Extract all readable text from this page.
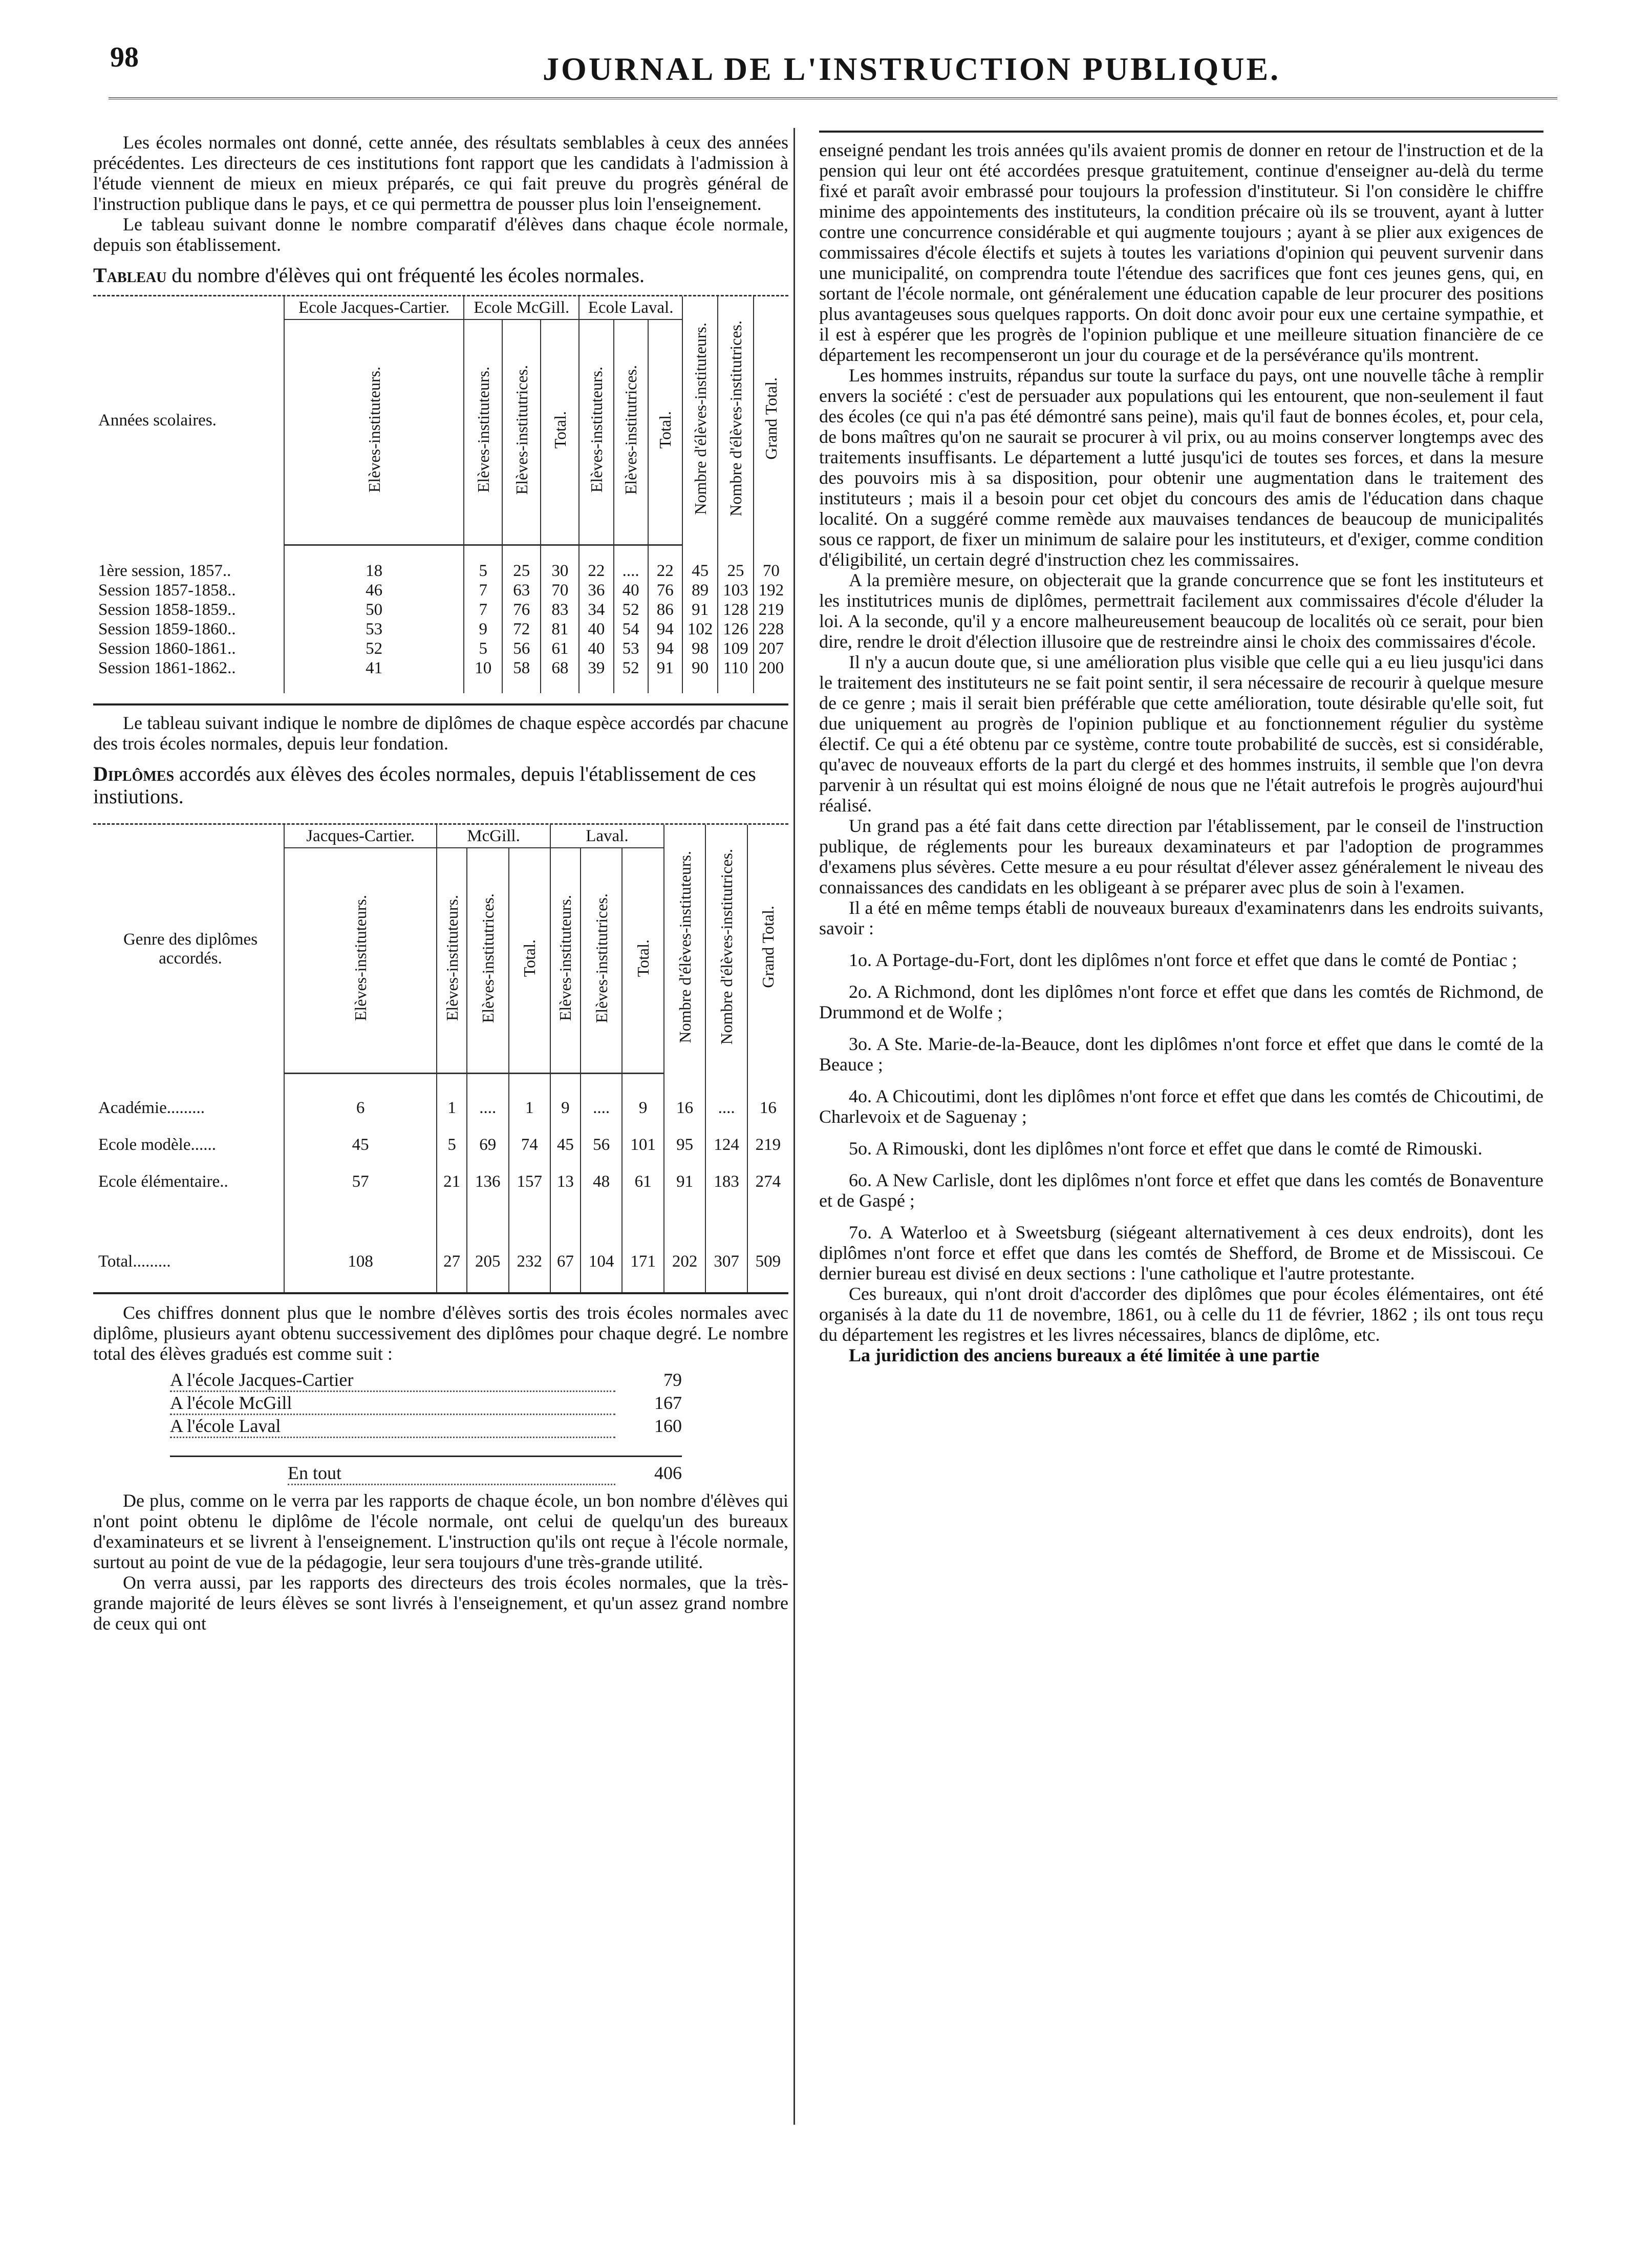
98	JOURNAL DE L'INSTRUCTION PUBLIQUE.

Les écoles normales ont donné, cette année, des résultats semblables à ceux des années précédentes. Les directeurs de ces institutions font rapport que les candidats à l'admission à l'étude viennent de mieux en mieux préparés, ce qui fait preuve du progrès général de l'instruction publique dans le pays, et ce qui permettra de pousser plus loin l'enseignement.

Le tableau suivant donne le nombre comparatif d'élèves dans chaque école normale, depuis son établissement.

Tableau du nombre d'élèves qui ont fréquenté les écoles normales.

Années scolaires.	Ecole Jacques-Cartier.	Ecole McGill.			Ecole Laval.			Nombre d'élèves-instituteurs.	Nombre d'élèves-institutrices.	Grand Total.
	Elèves-instituteurs.	Elèves-instituteurs.	Elèves-institutrices.	Total.	Elèves-instituteurs.	Elèves-institutrices.	Total.			

1ère session, 1857..	18	5	25	30	22	....	22	45	25	70
Session 1857-1858..	46	7	63	70	36	40	76	89	103	192
Session 1858-1859..	50	7	76	83	34	52	86	91	128	219
Session 1859-1860..	53	9	72	81	40	54	94	102	126	228
Session 1860-1861..	52	5	56	61	40	53	94	98	109	207
Session 1861-1862..	41	10	58	68	39	52	91	90	110	200

Le tableau suivant indique le nombre de diplômes de chaque espèce accordés par chacune des trois écoles normales, depuis leur fondation.

Diplômes accordés aux élèves des écoles normales, depuis l'établissement de ces instiutions.

Genre des diplômes accordés.	Jacques-Cartier.	McGill.			Laval.			Nombre d'élèves-instituteurs.	Nombre d'élèves-institutrices.	Grand Total.
	Elèves-instituteurs.	Elèves-instituteurs.	Elèves-institutrices.	Total.	Elèves-instituteurs.	Elèves-institutrices.	Total.			

Académie.........	6	1	....	1	9	....	9	16	....	16
Ecole modèle......	45	5	69	74	45	56	101	95	124	219
Ecole élémentaire..	57	21	136	157	13	48	61	91	183	274

Total.........	108	27	205	232	67	104	171	202	307	509

Ces chiffres donnent plus que le nombre d'élèves sortis des trois écoles normales avec diplôme, plusieurs ayant obtenu successivement des diplômes pour chaque degré. Le nombre total des élèves gradués est comme suit :

A l'école Jacques-Cartier	79
A l'école McGill	167
A l'école Laval	160
En tout	406

De plus, comme on le verra par les rapports de chaque école, un bon nombre d'élèves qui n'ont point obtenu le diplôme de l'école normale, ont celui de quelqu'un des bureaux d'examinateurs et se livrent à l'enseignement. L'instruction qu'ils ont reçue à l'école normale, surtout au point de vue de la pédagogie, leur sera toujours d'une très-grande utilité.

On verra aussi, par les rapports des directeurs des trois écoles normales, que la très-grande majorité de leurs élèves se sont livrés à l'enseignement, et qu'un assez grand nombre de ceux qui ont

enseigné pendant les trois années qu'ils avaient promis de donner en retour de l'instruction et de la pension qui leur ont été accordées presque gratuitement, continue d'enseigner au-delà du terme fixé et paraît avoir embrassé pour toujours la profession d'instituteur. Si l'on considère le chiffre minime des appointements des instituteurs, la condition précaire où ils se trouvent, ayant à lutter contre une concurrence considérable et qui augmente toujours ; ayant à se plier aux exigences de commissaires d'école électifs et sujets à toutes les variations d'opinion qui peuvent survenir dans une municipalité, on comprendra toute l'étendue des sacrifices que font ces jeunes gens, qui, en sortant de l'école normale, ont généralement une éducation capable de leur procurer des positions plus avantageuses sous quelques rapports. On doit donc avoir pour eux une certaine sympathie, et il est à espérer que les progrès de l'opinion publique et une meilleure situation financière de ce département les recompenseront un jour du courage et de la persévérance qu'ils montrent.

Les hommes instruits, répandus sur toute la surface du pays, ont une nouvelle tâche à remplir envers la société : c'est de persuader aux populations qui les entourent, que non-seulement il faut des écoles (ce qui n'a pas été démontré sans peine), mais qu'il faut de bonnes écoles, et, pour cela, de bons maîtres qu'on ne saurait se procurer à vil prix, ou au moins conserver longtemps avec des traitements insuffisants. Le département a lutté jusqu'ici de toutes ses forces, et dans la mesure des pouvoirs mis à sa disposition, pour obtenir une augmentation dans le traitement des instituteurs ; mais il a besoin pour cet objet du concours des amis de l'éducation dans chaque localité. On a suggéré comme remède aux mauvaises tendances de beaucoup de municipalités sous ce rapport, de fixer un minimum de salaire pour les instituteurs, et d'exiger, comme condition d'éligibilité, un certain degré d'instruction chez les commissaires.

A la première mesure, on objecterait que la grande concurrence que se font les instituteurs et les institutrices munis de diplômes, permettrait facilement aux commissaires d'école d'éluder la loi. A la seconde, qu'il y a encore malheureusement beaucoup de localités où ce serait, pour bien dire, rendre le droit d'élection illusoire que de restreindre ainsi le choix des commissaires d'école.

Il n'y a aucun doute que, si une amélioration plus visible que celle qui a eu lieu jusqu'ici dans le traitement des instituteurs ne se fait point sentir, il sera nécessaire de recourir à quelque mesure de ce genre ; mais il serait bien préférable que cette amélioration, toute désirable qu'elle soit, fut due uniquement au progrès de l'opinion publique et au fonctionnement régulier du système électif. Ce qui a été obtenu par ce système, contre toute probabilité de succès, est si considérable, qu'avec de nouveaux efforts de la part du clergé et des hommes instruits, il semble que l'on devra parvenir à un résultat qui est moins éloigné de nous que ne l'était autrefois le progrès aujourd'hui réalisé.

Un grand pas a été fait dans cette direction par l'établissement, par le conseil de l'instruction publique, de réglements pour les bureaux dexaminateurs et par l'adoption de programmes d'examens plus sévères. Cette mesure a eu pour résultat d'élever assez généralement le niveau des connaissances des candidats en les obligeant à se préparer avec plus de soin à l'examen.

Il a été en même temps établi de nouveaux bureaux d'examinatenrs dans les endroits suivants, savoir :

1o. A Portage-du-Fort, dont les diplômes n'ont force et effet que dans le comté de Pontiac ;

2o. A Richmond, dont les diplômes n'ont force et effet que dans les comtés de Richmond, de Drummond et de Wolfe ;

3o. A Ste. Marie-de-la-Beauce, dont les diplômes n'ont force et effet que dans le comté de la Beauce ;

4o. A Chicoutimi, dont les diplômes n'ont force et effet que dans les comtés de Chicoutimi, de Charlevoix et de Saguenay ;

5o. A Rimouski, dont les diplômes n'ont force et effet que dans le comté de Rimouski.

6o. A New Carlisle, dont les diplômes n'ont force et effet que dans les comtés de Bonaventure et de Gaspé ;

7o. A Waterloo et à Sweetsburg (siégeant alternativement à ces deux endroits), dont les diplômes n'ont force et effet que dans les comtés de Shefford, de Brome et de Missiscoui. Ce dernier bureau est divisé en deux sections : l'une catholique et l'autre protestante.

Ces bureaux, qui n'ont droit d'accorder des diplômes que pour écoles élémentaires, ont été organisés à la date du 11 de novembre, 1861, ou à celle du 11 de février, 1862 ; ils ont tous reçu du département les registres et les livres nécessaires, blancs de diplôme, etc.

La juridiction des anciens bureaux a été limitée à une partie
